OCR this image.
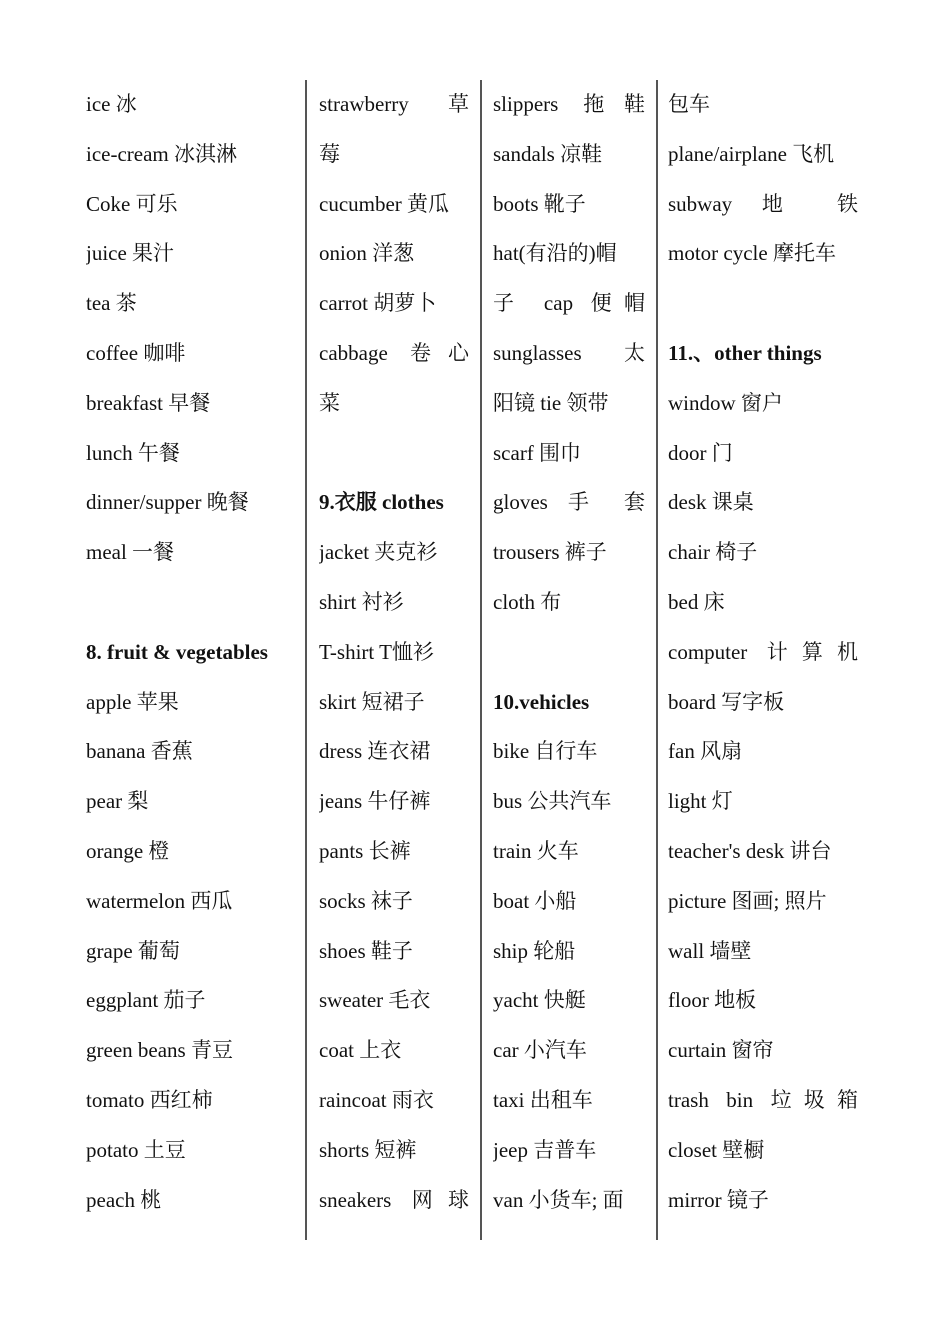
ice 冰
ice-cream 冰淇淋
Coke 可乐
juice 果汁
tea 茶
coffee 咖啡
breakfast 早餐
lunch 午餐
dinner/supper 晚餐
meal 一餐
8. fruit & vegetables
apple 苹果
banana 香蕉
pear 梨
orange 橙
watermelon 西瓜
grape 葡萄
eggplant 茄子
green beans 青豆
tomato 西红柿
potato 土豆
peach 桃
strawberry 草
莓
cucumber 黄瓜
onion 洋葱
carrot 胡萝卜
cabbage 卷心
菜
9.衣服 clothes
jacket 夹克衫
shirt 衬衫
T-shirt T恤衫
skirt 短裙子
dress 连衣裙
jeans 牛仔裤
pants 长裤
socks 袜子
shoes 鞋子
sweater 毛衣
coat 上衣
raincoat 雨衣
shorts 短裤
sneakers 网球
slippers 拖鞋
sandals 凉鞋
boots 靴子
hat(有沿的)帽
子 cap 便帽
sunglasses 太
阳镜 tie 领带
scarf 围巾
gloves 手 套
trousers 裤子
cloth 布
10.vehicles
bike 自行车
bus 公共汽车
train 火车
boat 小船
ship 轮船
yacht 快艇
car 小汽车
taxi 出租车
jeep 吉普车
van 小货车; 面
包车
plane/airplane 飞机
subway 地 铁
motor cycle 摩托车
11.、other things
window 窗户
door 门
desk 课桌
chair 椅子
bed 床
computer 计算机
board 写字板
fan 风扇
light 灯
teacher's desk 讲台
picture 图画; 照片
wall 墙壁
floor 地板
curtain 窗帘
trash bin 垃圾箱
closet 壁橱
mirror 镜子
